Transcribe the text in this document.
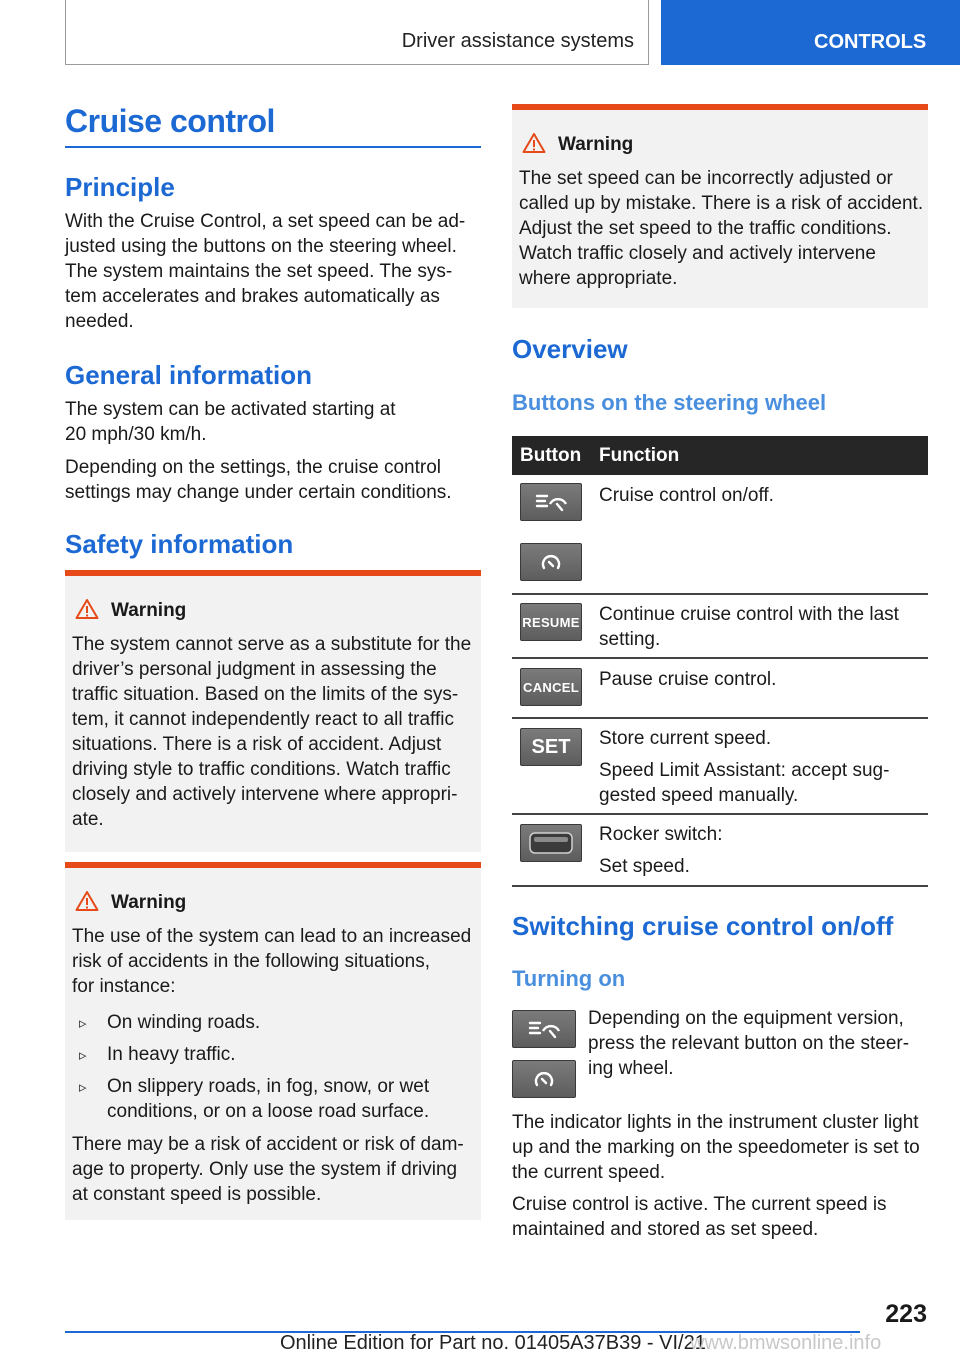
Driver assistance systems	CONTROLS
Cruise control
Principle
With the Cruise Control, a set speed can be ad‐
justed using the buttons on the steering wheel.
The system maintains the set speed. The sys‐
tem accelerates and brakes automatically as
needed.
General information
The system can be activated starting at
20 mph/30 km/h.
Depending on the settings, the cruise control
settings may change under certain conditions.
Safety information
Warning
The system cannot serve as a substitute for the
driver’s personal judgment in assessing the
traffic situation. Based on the limits of the sys‐
tem, it cannot independently react to all traffic
situations. There is a risk of accident. Adjust
driving style to traffic conditions. Watch traffic
closely and actively intervene where appropri‐
ate.
Warning
The use of the system can lead to an increased
risk of accidents in the following situations,
for instance:
▹ On winding roads.
▹ In heavy traffic.
▹ On slippery roads, in fog, snow, or wet
conditions, or on a loose road surface.
There may be a risk of accident or risk of dam‐
age to property. Only use the system if driving
at constant speed is possible.
Warning
The set speed can be incorrectly adjusted or
called up by mistake. There is a risk of accident.
Adjust the set speed to the traffic conditions.
Watch traffic closely and actively intervene
where appropriate.
Overview
Buttons on the steering wheel
Button Function
Cruise control on/off.
RESUME Continue cruise control with the last
setting.
CANCEL Pause cruise control.
SET Store current speed.
Speed Limit Assistant: accept sug‐
gested speed manually.
Rocker switch:
Set speed.
Switching cruise control on/off
Turning on
Depending on the equipment version,
press the relevant button on the steer‐
ing wheel.
The indicator lights in the instrument cluster light
up and the marking on the speedometer is set to
the current speed.
Cruise control is active. The current speed is
maintained and stored as set speed.
223
Online Edition for Part no. 01405A37B39 - VI/21
www.bmwsonline.info
